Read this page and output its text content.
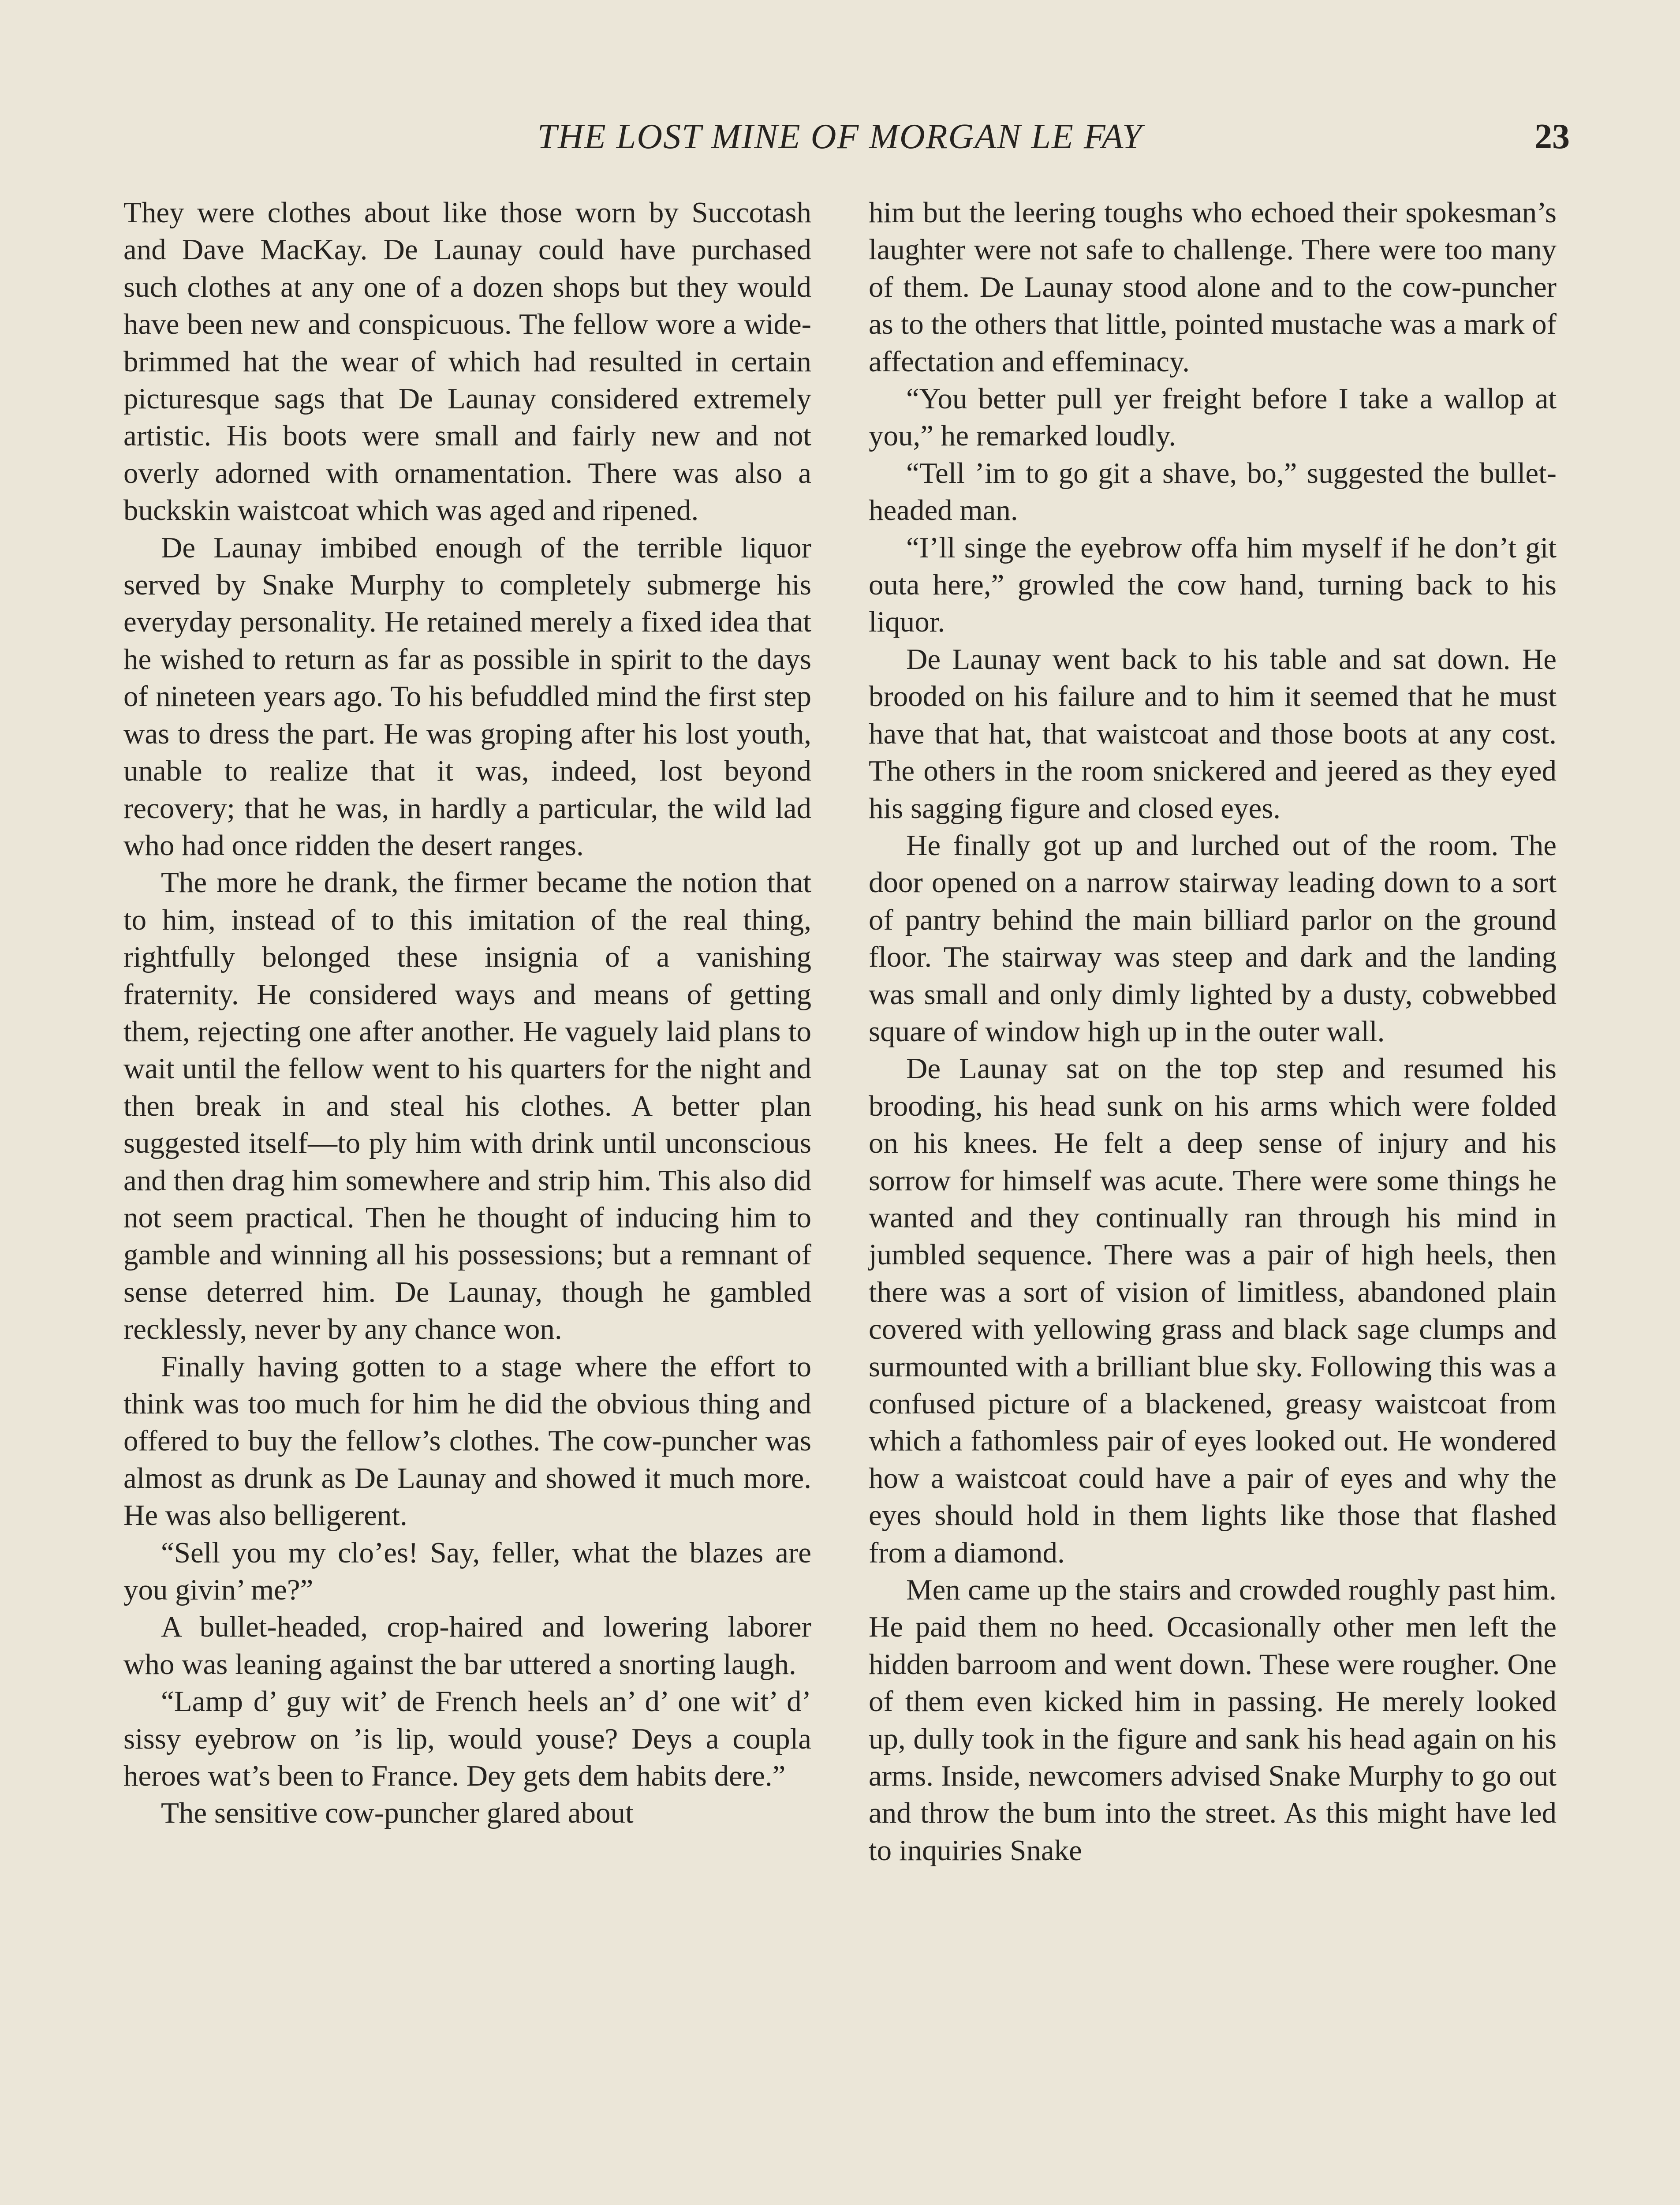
THE LOST MINE OF MORGAN LE FAY	23

They were clothes about like those worn by Succotash and Dave MacKay. De Launay could have purchased such clothes at any one of a dozen shops but they would have been new and conspicuous. The fellow wore a wide-brimmed hat the wear of which had resulted in certain picturesque sags that De Launay considered extremely artistic. His boots were small and fairly new and not overly adorned with ornamentation. There was also a buckskin waistcoat which was aged and ripened.

De Launay imbibed enough of the terrible liquor served by Snake Murphy to completely submerge his everyday personality. He retained merely a fixed idea that he wished to return as far as possible in spirit to the days of nineteen years ago. To his befuddled mind the first step was to dress the part. He was groping after his lost youth, unable to realize that it was, indeed, lost beyond recovery; that he was, in hardly a particular, the wild lad who had once ridden the desert ranges.

The more he drank, the firmer became the notion that to him, instead of to this imitation of the real thing, rightfully belonged these insignia of a vanishing fraternity. He considered ways and means of getting them, rejecting one after another. He vaguely laid plans to wait until the fellow went to his quarters for the night and then break in and steal his clothes. A better plan suggested itself—to ply him with drink until unconscious and then drag him somewhere and strip him. This also did not seem practical. Then he thought of inducing him to gamble and winning all his possessions; but a remnant of sense deterred him. De Launay, though he gambled recklessly, never by any chance won.

Finally having gotten to a stage where the effort to think was too much for him he did the obvious thing and offered to buy the fellow’s clothes. The cow-puncher was almost as drunk as De Launay and showed it much more. He was also belligerent.

“Sell you my clo’es! Say, feller, what the blazes are you givin’ me?”

A bullet-headed, crop-haired and lowering laborer who was leaning against the bar uttered a snorting laugh.

“Lamp d’ guy wit’ de French heels an’ d’ one wit’ d’ sissy eyebrow on ’is lip, would youse? Deys a coupla heroes wat’s been to France. Dey gets dem habits dere.”

The sensitive cow-puncher glared about

him but the leering toughs who echoed their spokesman’s laughter were not safe to challenge. There were too many of them. De Launay stood alone and to the cow-puncher as to the others that little, pointed mustache was a mark of affectation and effeminacy.

“You better pull yer freight before I take a wallop at you,” he remarked loudly.

“Tell ’im to go git a shave, bo,” suggested the bullet-headed man.

“I’ll singe the eyebrow offa him myself if he don’t git outa here,” growled the cow hand, turning back to his liquor.

De Launay went back to his table and sat down. He brooded on his failure and to him it seemed that he must have that hat, that waistcoat and those boots at any cost. The others in the room snickered and jeered as they eyed his sagging figure and closed eyes.

He finally got up and lurched out of the room. The door opened on a narrow stairway leading down to a sort of pantry behind the main billiard parlor on the ground floor. The stairway was steep and dark and the landing was small and only dimly lighted by a dusty, cobwebbed square of window high up in the outer wall.

De Launay sat on the top step and resumed his brooding, his head sunk on his arms which were folded on his knees. He felt a deep sense of injury and his sorrow for himself was acute. There were some things he wanted and they continually ran through his mind in jumbled sequence. There was a pair of high heels, then there was a sort of vision of limitless, abandoned plain covered with yellowing grass and black sage clumps and surmounted with a brilliant blue sky. Following this was a confused picture of a blackened, greasy waistcoat from which a fathomless pair of eyes looked out. He wondered how a waistcoat could have a pair of eyes and why the eyes should hold in them lights like those that flashed from a diamond.

Men came up the stairs and crowded roughly past him. He paid them no heed. Occasionally other men left the hidden barroom and went down. These were rougher. One of them even kicked him in passing. He merely looked up, dully took in the figure and sank his head again on his arms. Inside, newcomers advised Snake Murphy to go out and throw the bum into the street. As this might have led to inquiries Snake
